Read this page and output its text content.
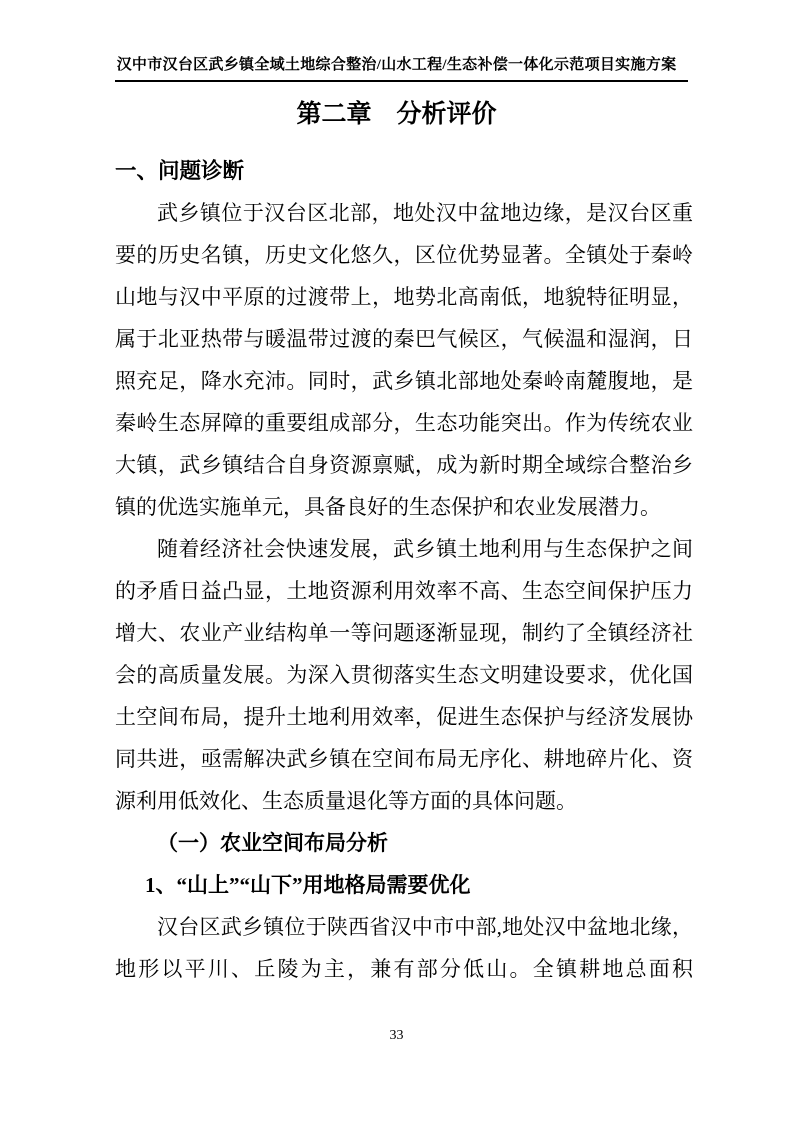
汉中市汉台区武乡镇全域土地综合整治/山水工程/生态补偿一体化示范项目实施方案
第二章　分析评价
一、问题诊断

武乡镇位于汉台区北部，地处汉中盆地边缘，是汉台区重要的历史名镇，历史文化悠久，区位优势显著。全镇处于秦岭山地与汉中平原的过渡带上，地势北高南低，地貌特征明显，属于北亚热带与暖温带过渡的秦巴气候区，气候温和湿润，日照充足，降水充沛。同时，武乡镇北部地处秦岭南麓腹地，是秦岭生态屏障的重要组成部分，生态功能突出。作为传统农业大镇，武乡镇结合自身资源禀赋，成为新时期全域综合整治乡镇的优选实施单元，具备良好的生态保护和农业发展潜力。

随着经济社会快速发展，武乡镇土地利用与生态保护之间的矛盾日益凸显，土地资源利用效率不高、生态空间保护压力增大、农业产业结构单一等问题逐渐显现，制约了全镇经济社会的高质量发展。为深入贯彻落实生态文明建设要求，优化国土空间布局，提升土地利用效率，促进生态保护与经济发展协同共进，亟需解决武乡镇在空间布局无序化、耕地碎片化、资源利用低效化、生态质量退化等方面的具体问题。

（一）农业空间布局分析
1、“山上”“山下”用地格局需要优化

汉台区武乡镇位于陕西省汉中市中部,地处汉中盆地北缘，地形以平川、丘陵为主，兼有部分低山。全镇耕地总面积

33
